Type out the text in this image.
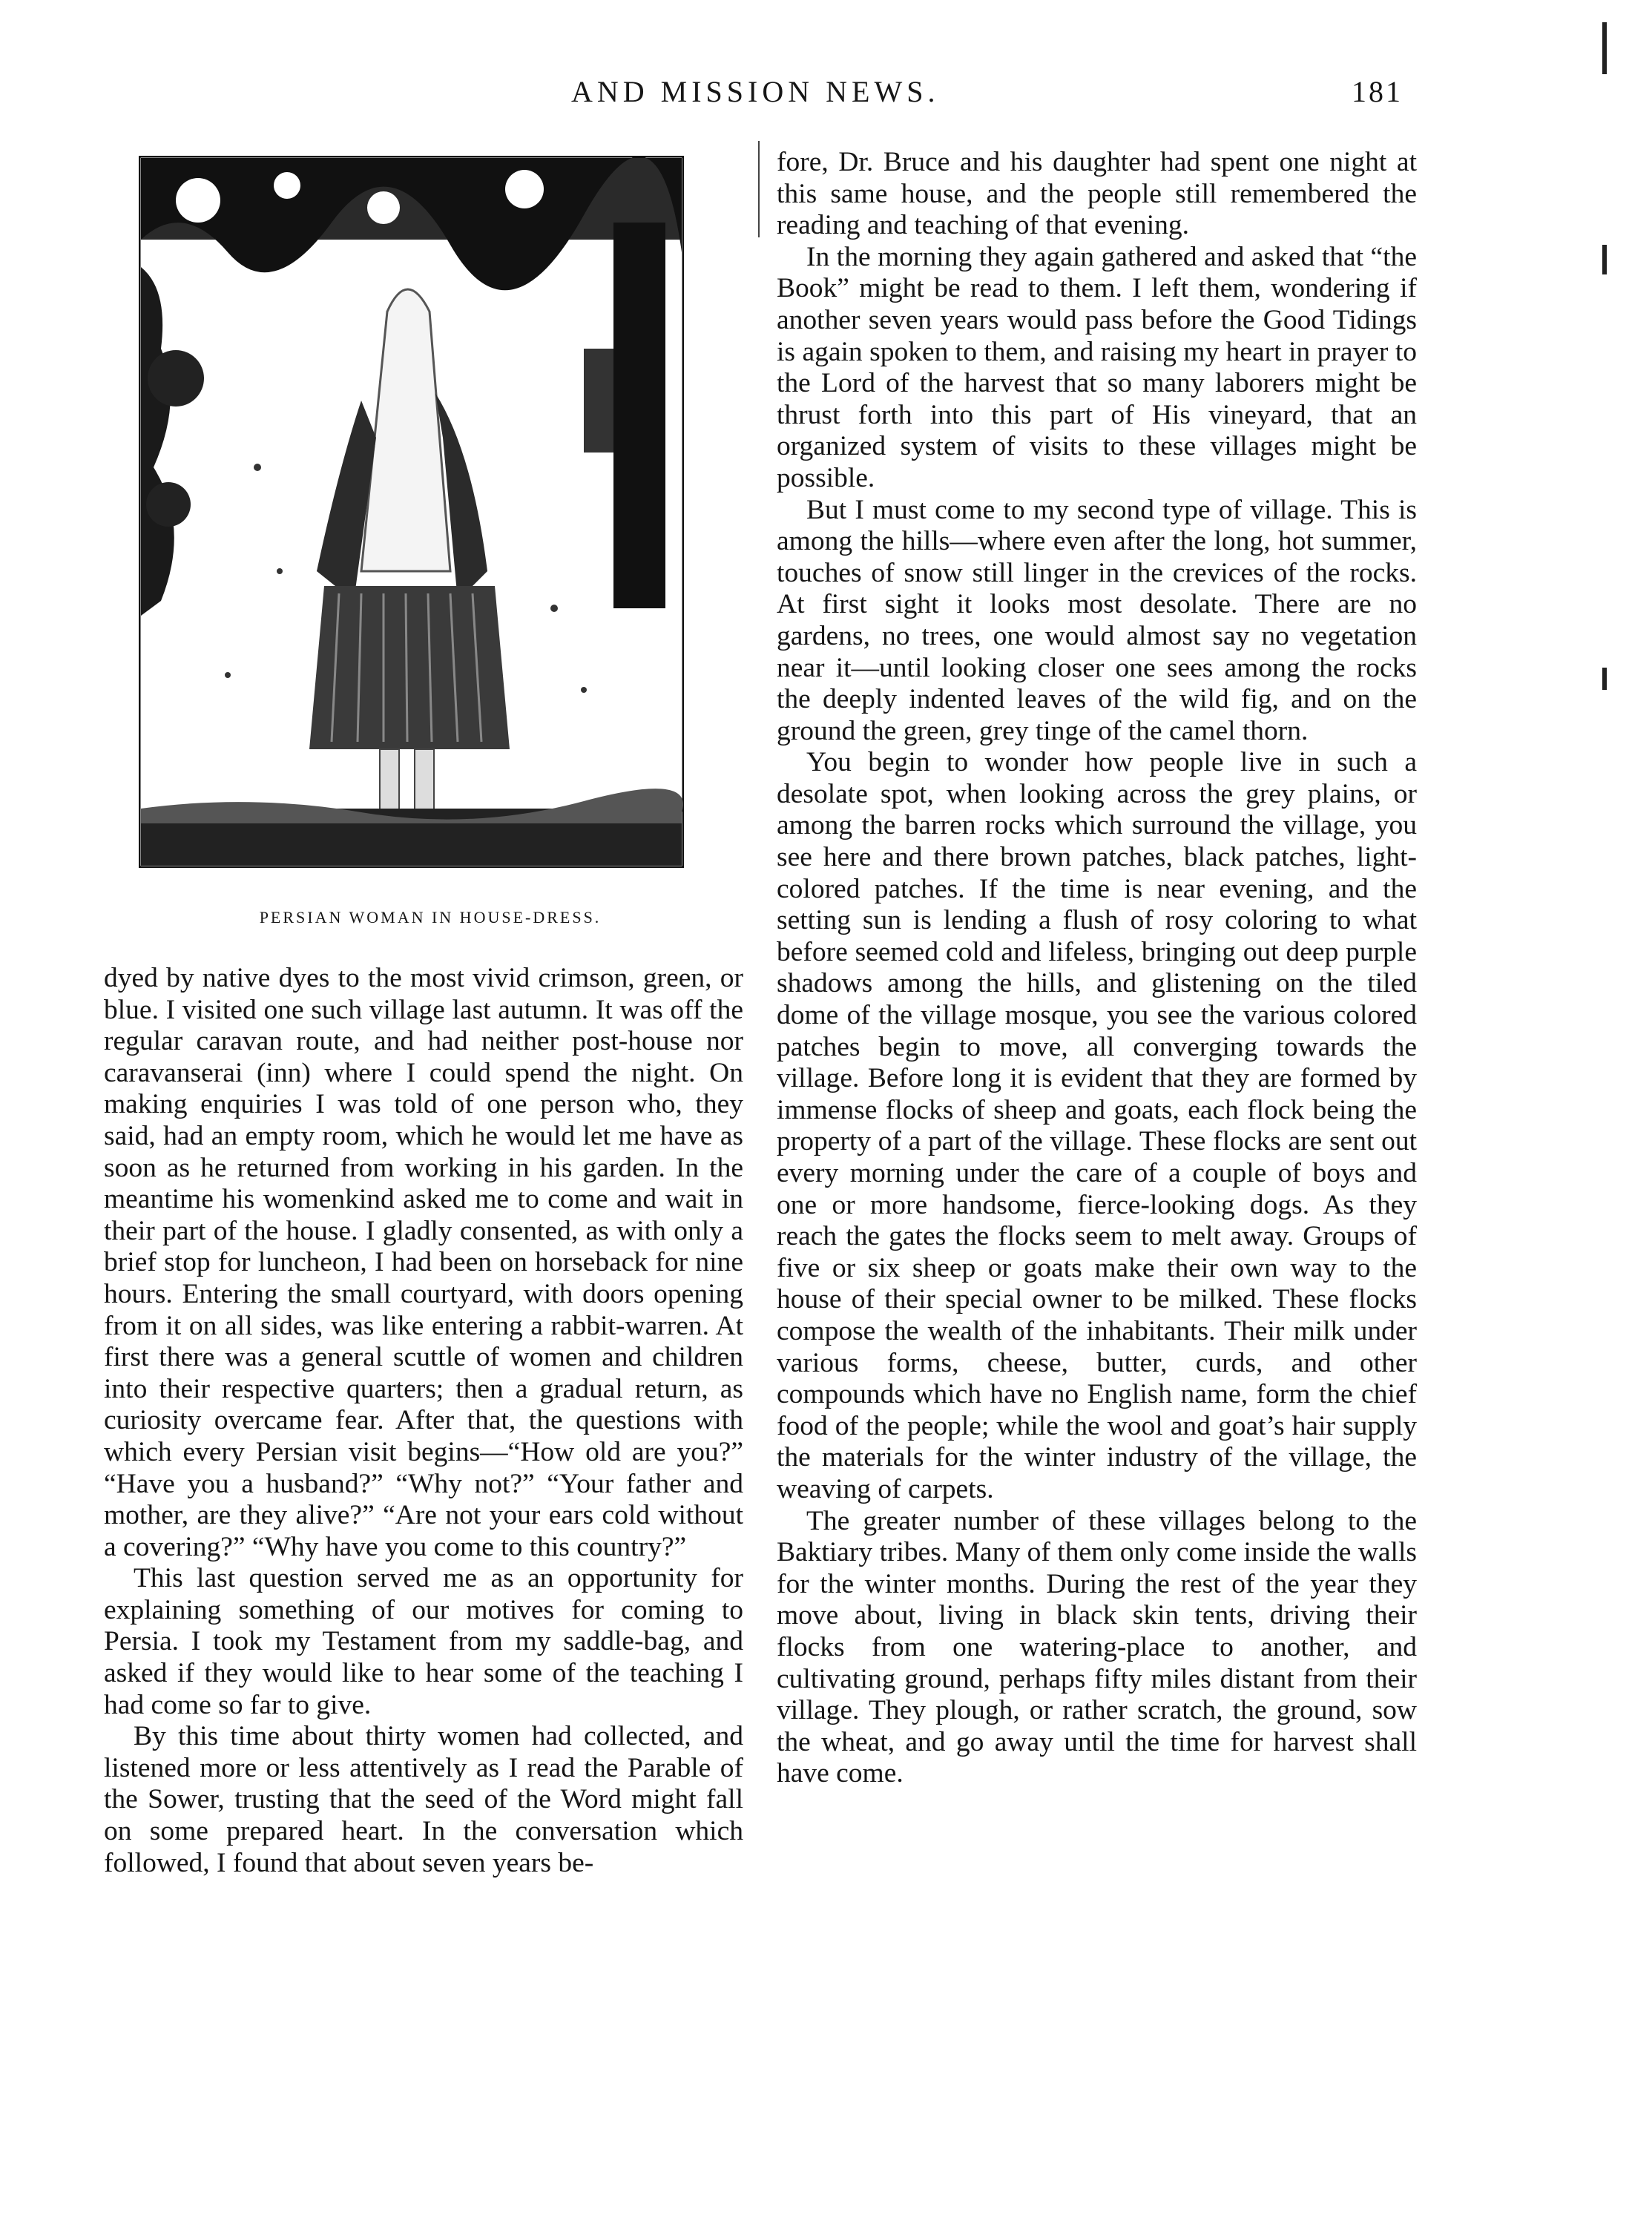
AND MISSION NEWS.	181
PERSIAN WOMAN IN HOUSE-DRESS.

dyed by native dyes to the most vivid crimson, green, or blue. I visited one such village last autumn. It was off the regular caravan route, and had neither post-house nor caravanserai (inn) where I could spend the night. On making enquiries I was told of one person who, they said, had an empty room, which he would let me have as soon as he returned from working in his garden. In the meantime his womenkind asked me to come and wait in their part of the house. I gladly consented, as with only a brief stop for luncheon, I had been on horseback for nine hours. Entering the small courtyard, with doors opening from it on all sides, was like entering a rabbit-warren. At first there was a general scuttle of women and children into their respective quarters; then a gradual return, as curiosity overcame fear. After that, the questions with which every Persian visit begins—“How old are you?” “Have you a husband?” “Why not?” “Your father and mother, are they alive?” “Are not your ears cold without a covering?” “Why have you come to this country?”

This last question served me as an opportunity for explaining something of our motives for coming to Persia. I took my Testament from my saddle-bag, and asked if they would like to hear some of the teaching I had come so far to give.

By this time about thirty women had collected, and listened more or less attentively as I read the Parable of the Sower, trusting that the seed of the Word might fall on some prepared heart. In the conversation which followed, I found that about seven years be-

fore, Dr. Bruce and his daughter had spent one night at this same house, and the people still remembered the reading and teaching of that evening.

In the morning they again gathered and asked that “the Book” might be read to them. I left them, wondering if another seven years would pass before the Good Tidings is again spoken to them, and raising my heart in prayer to the Lord of the harvest that so many laborers might be thrust forth into this part of His vineyard, that an organized system of visits to these villages might be possible.

But I must come to my second type of village. This is among the hills—where even after the long, hot summer, touches of snow still linger in the crevices of the rocks. At first sight it looks most desolate. There are no gardens, no trees, one would almost say no vegetation near it—until looking closer one sees among the rocks the deeply indented leaves of the wild fig, and on the ground the green, grey tinge of the camel thorn.

You begin to wonder how people live in such a desolate spot, when looking across the grey plains, or among the barren rocks which surround the village, you see here and there brown patches, black patches, light-colored patches. If the time is near evening, and the setting sun is lending a flush of rosy coloring to what before seemed cold and lifeless, bringing out deep purple shadows among the hills, and glistening on the tiled dome of the village mosque, you see the various colored patches begin to move, all converging towards the village. Before long it is evident that they are formed by immense flocks of sheep and goats, each flock being the property of a part of the village. These flocks are sent out every morning under the care of a couple of boys and one or more handsome, fierce-looking dogs. As they reach the gates the flocks seem to melt away. Groups of five or six sheep or goats make their own way to the house of their special owner to be milked. These flocks compose the wealth of the inhabitants. Their milk under various forms, cheese, butter, curds, and other compounds which have no English name, form the chief food of the people; while the wool and goat’s hair supply the materials for the winter industry of the village, the weaving of carpets.

The greater number of these villages belong to the Baktiary tribes. Many of them only come inside the walls for the winter months. During the rest of the year they move about, living in black skin tents, driving their flocks from one watering-place to another, and cultivating ground, perhaps fifty miles distant from their village. They plough, or rather scratch, the ground, sow the wheat, and go away until the time for harvest shall have come.
